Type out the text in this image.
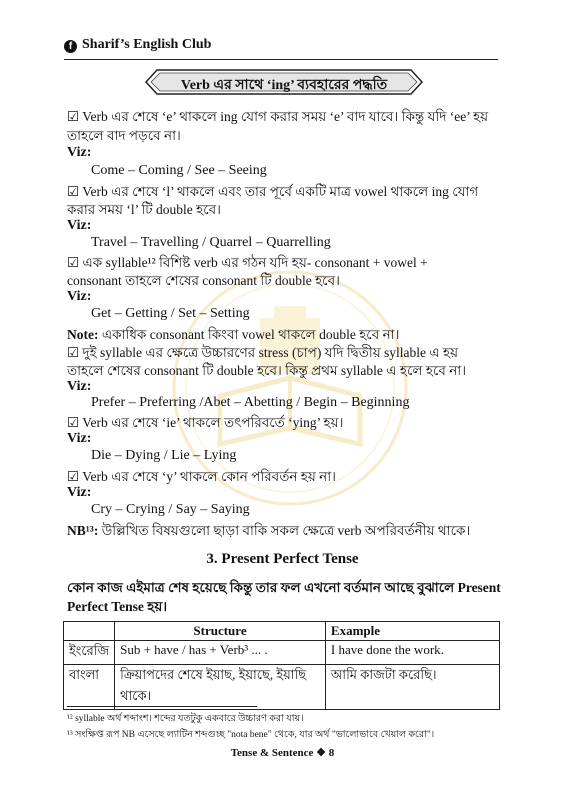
f Sharif’s English Club
Verb এর সাথে ‘ing’ ব্যবহারের পদ্ধতি
☑ Verb এর শেষে ‘e’ থাকলে ing যোগ করার সময় ‘e’ বাদ যাবে। কিন্তু যদি ‘ee’ হয়
তাহলে বাদ পড়বে না।
Viz:
Come – Coming / See – Seeing
☑ Verb এর শেষে ‘l’ থাকলে এবং তার পূর্বে একটি মাত্র vowel থাকলে ing যোগ
করার সময় ‘l’ টি double হবে।
Viz:
Travel – Travelling / Quarrel – Quarrelling
☑ এক syllable¹² বিশিষ্ট verb এর গঠন যদি হয়- consonant + vowel +
consonant তাহলে শেষের consonant টি double হবে।
Viz:
Get – Getting / Set – Setting
Note: একাধিক consonant কিংবা vowel থাকলে double হবে না।
☑ দুই syllable এর ক্ষেত্রে উচ্চারণের stress (চাপ) যদি দ্বিতীয় syllable এ হয়
তাহলে শেষের consonant টি double হবে। কিন্তু প্রথম syllable এ হলে হবে না।
Viz:
Prefer – Preferring /Abet – Abetting / Begin – Beginning
☑ Verb এর শেষে ‘ie’ থাকলে তৎপরিবর্তে ‘ying’ হয়।
Viz:
Die – Dying / Lie – Lying
☑ Verb এর শেষে ‘y’ থাকলে কোন পরিবর্তন হয় না।
Viz:
Cry – Crying / Say – Saying
NB¹³: উল্লিখিত বিষয়গুলো ছাড়া বাকি সকল ক্ষেত্রে verb অপরিবর্তনীয় থাকে।
3. Present Perfect Tense
কোন কাজ এইমাত্র শেষ হয়েছে কিন্তু তার ফল এখনো বর্তমান আছে বুঝালে Present
Perfect Tense হয়।
	Structure	Example
ইংরেজি	Sub + have / has + Verb³ ... .	I have done the work.
বাংলা	ক্রিয়াপদের শেষে ইয়াছ, ইয়াছে, ইয়াছি থাকে।	আমি কাজটা করেছি।
¹² syllable অর্থ শব্দাংশ। শব্দের যতটুকু একবারে উচ্চারণ করা যায়।
¹³ সংক্ষিপ্ত রূপ NB এসেছে ল্যাটিন শব্দগুচ্ছ "nota bene" থেকে, যার অর্থ "ভালোভাবে খেয়াল করো"।
Tense & Sentence ❖ 8
